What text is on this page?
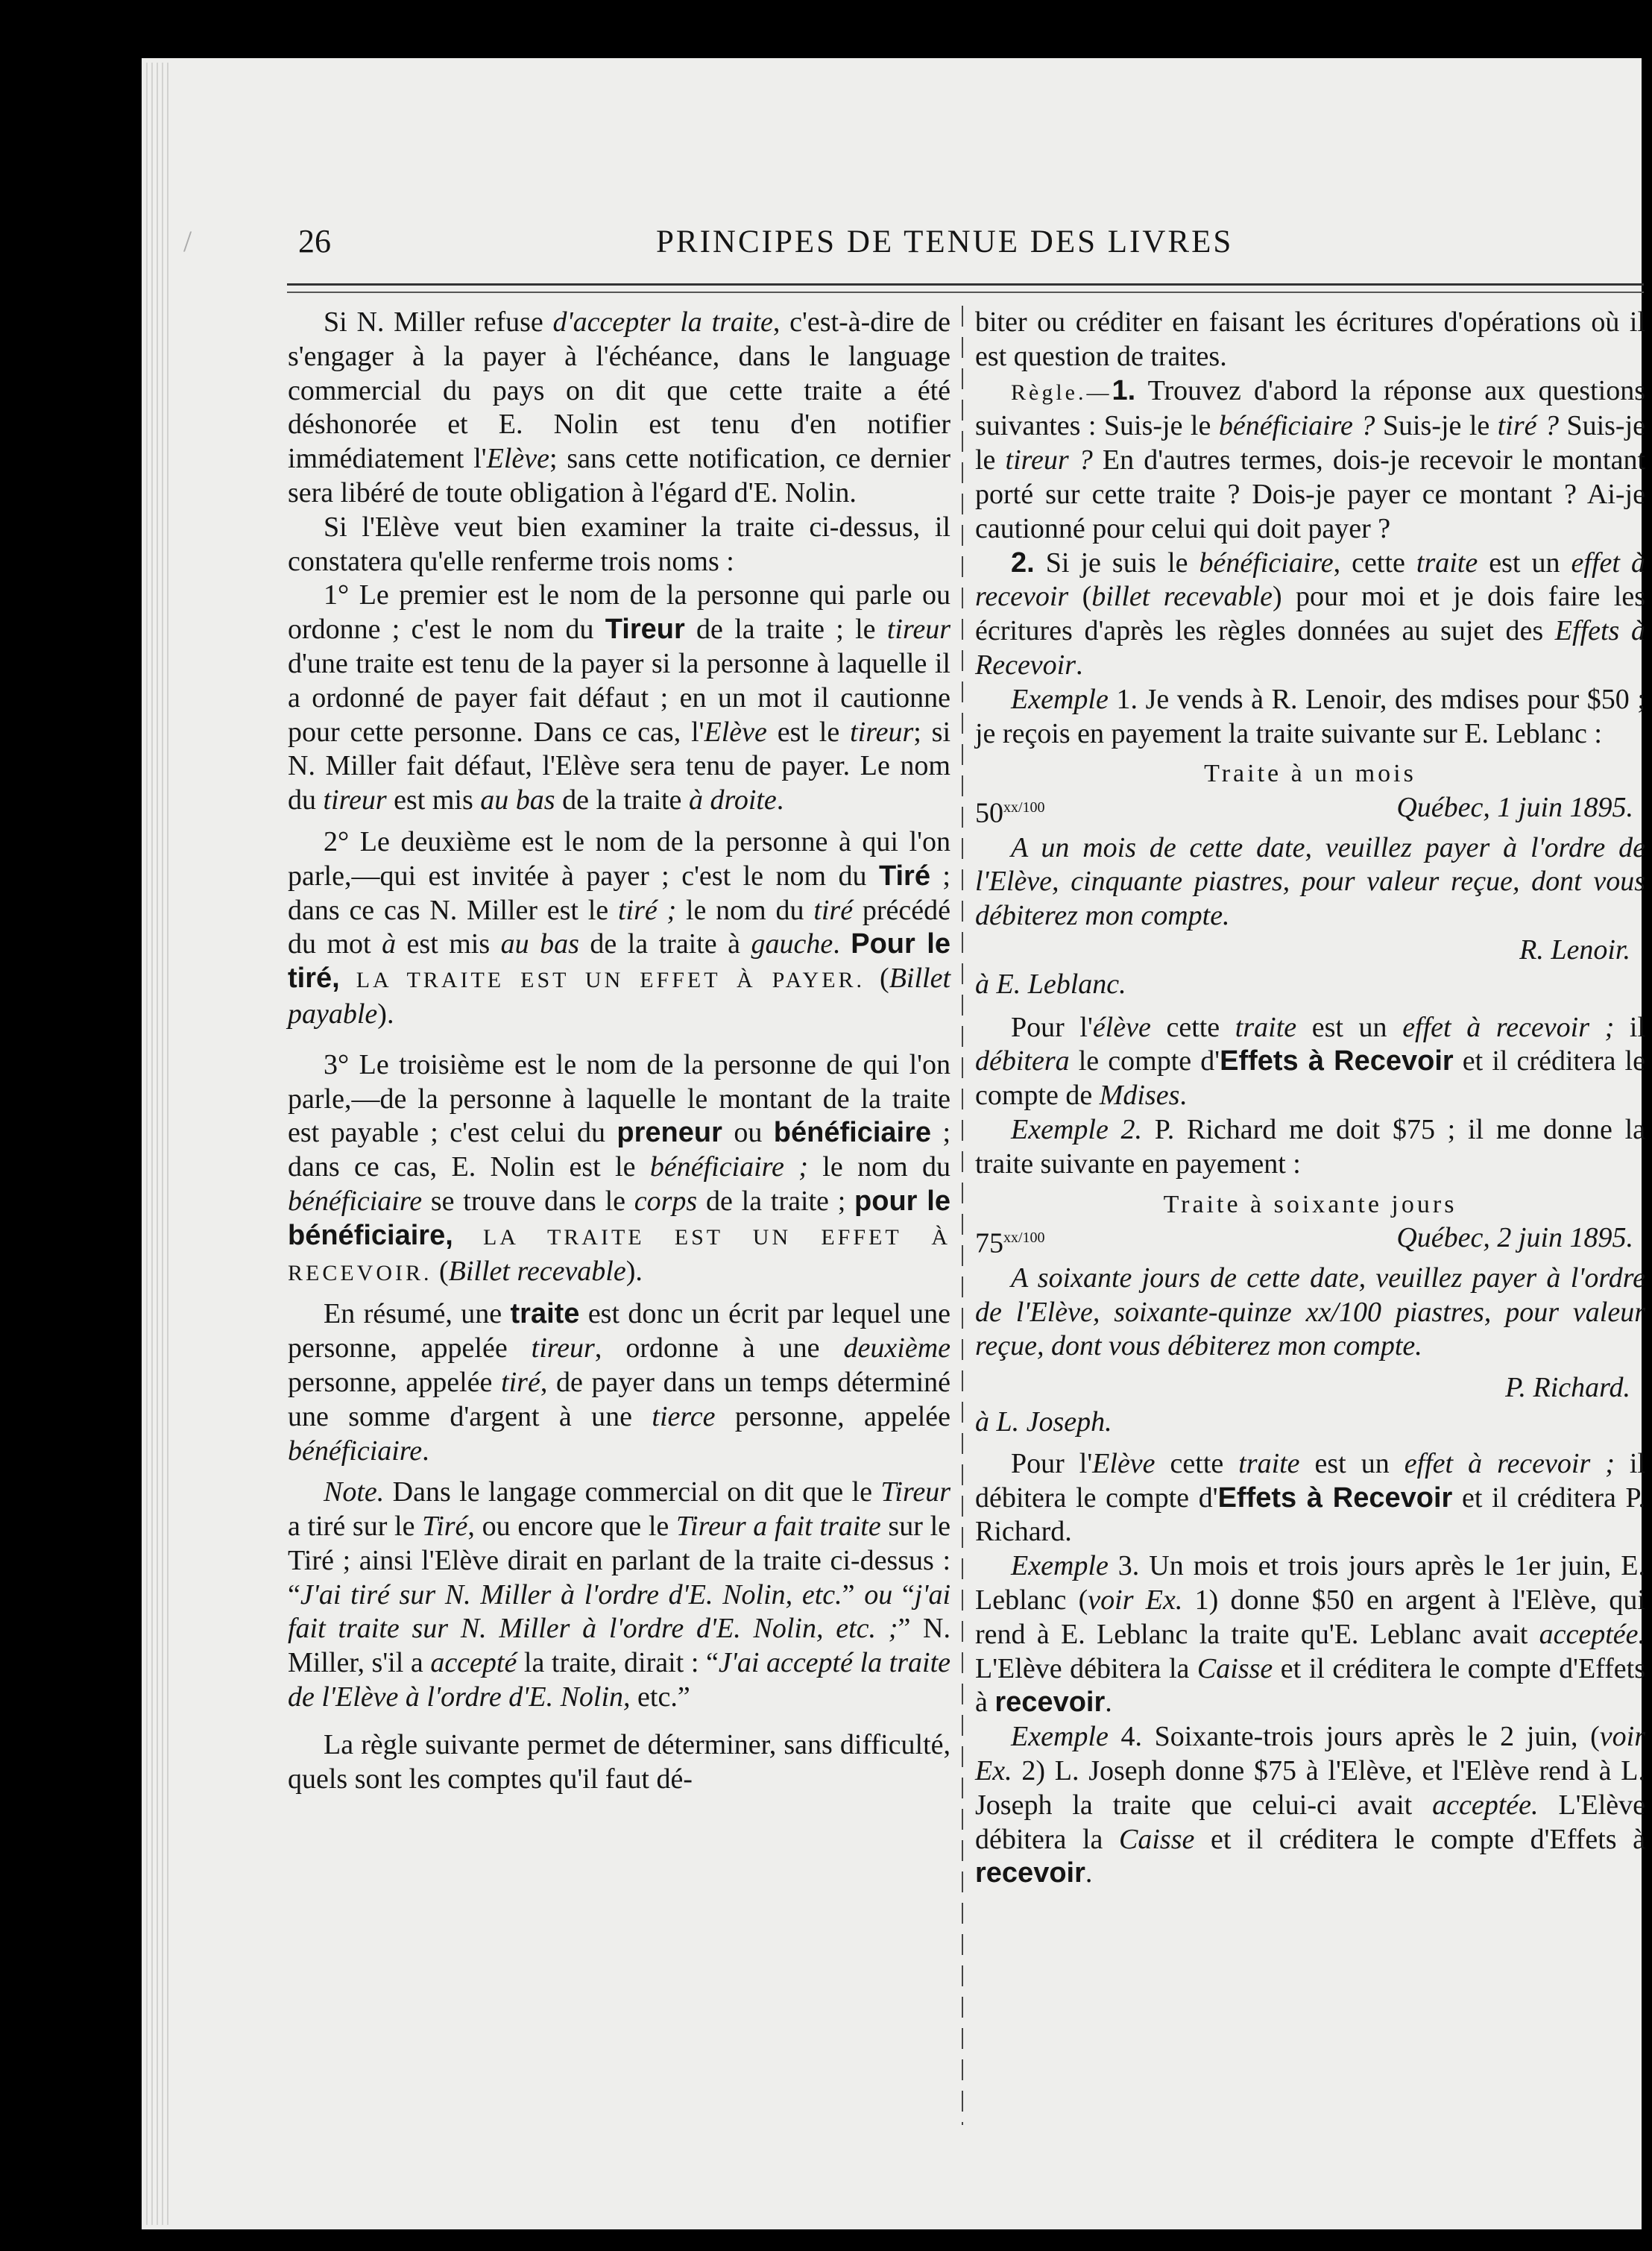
/	26	PRINCIPES DE TENUE DES LIVRES

Si N. Miller refuse d'accepter la traite, c'est-à-dire de s'engager à la payer à l'échéance, dans le language commercial du pays on dit que cette traite a été déshonorée et E. Nolin est tenu d'en notifier immédiatement l'Elève; sans cette notification, ce dernier sera libéré de toute obligation à l'égard d'E. Nolin.

Si l'Elève veut bien examiner la traite ci-dessus, il constatera qu'elle renferme trois noms :

1° Le premier est le nom de la personne qui parle ou ordonne ; c'est le nom du Tireur de la traite ; le tireur d'une traite est tenu de la payer si la personne à laquelle il a ordonné de payer fait défaut ; en un mot il cautionne pour cette personne. Dans ce cas, l'Elève est le tireur; si N. Miller fait défaut, l'Elève sera tenu de payer. Le nom du tireur est mis au bas de la traite à droite.

2° Le deuxième est le nom de la personne à qui l'on parle,—qui est invitée à payer ; c'est le nom du Tiré ; dans ce cas N. Miller est le tiré ; le nom du tiré précédé du mot à est mis au bas de la traite à gauche. Pour le tiré, LA TRAITE EST UN EFFET À PAYER. (Billet payable).

3° Le troisième est le nom de la personne de qui l'on parle,—de la personne à laquelle le montant de la traite est payable ; c'est celui du preneur ou bénéficiaire ; dans ce cas, E. Nolin est le bénéficiaire ; le nom du bénéficiaire se trouve dans le corps de la traite ; pour le bénéficiaire, LA TRAITE EST UN EFFET À RECEVOIR. (Billet recevable).

En résumé, une traite est donc un écrit par lequel une personne, appelée tireur, ordonne à une deuxième personne, appelée tiré, de payer dans un temps déterminé une somme d'argent à une tierce personne, appelée bénéficiaire.

Note. Dans le langage commercial on dit que le Tireur a tiré sur le Tiré, ou encore que le Tireur a fait traite sur le Tiré ; ainsi l'Elève dirait en parlant de la traite ci-dessus : “J'ai tiré sur N. Miller à l'ordre d'E. Nolin, etc.” ou “j'ai fait traite sur N. Miller à l'ordre d'E. Nolin, etc. ;” N. Miller, s'il a accepté la traite, dirait : “J'ai accepté la traite de l'Elève à l'ordre d'E. Nolin, etc.”

La règle suivante permet de déterminer, sans difficulté, quels sont les comptes qu'il faut dé-

biter ou créditer en faisant les écritures d'opérations où il est question de traites.

Règle.—1. Trouvez d'abord la réponse aux questions suivantes : Suis-je le bénéficiaire ? Suis-je le tiré ? Suis-je le tireur ? En d'autres termes, dois-je recevoir le montant porté sur cette traite ? Dois-je payer ce montant ? Ai-je cautionné pour celui qui doit payer ?

2. Si je suis le bénéficiaire, cette traite est un effet à recevoir (billet recevable) pour moi et je dois faire les écritures d'après les règles données au sujet des Effets à Recevoir.

Exemple 1. Je vends à R. Lenoir, des mdises pour $50 ; je reçois en payement la traite suivante sur E. Leblanc :

Traite à un mois

$50^{xx/100}$	Québec, 1 juin 1895.

A un mois de cette date, veuillez payer à l'ordre de l'Elève, cinquante piastres, pour valeur reçue, dont vous débiterez mon compte.

R. Lenoir.

à E. Leblanc.

Pour l'élève cette traite est un effet à recevoir ; il débitera le compte d'Effets à Recevoir et il créditera le compte de Mdises.

Exemple 2. P. Richard me doit $75 ; il me donne la traite suivante en payement :

Traite à soixante jours

$75^{xx/100}$	Québec, 2 juin 1895.

A soixante jours de cette date, veuillez payer à l'ordre de l'Elève, soixante-quinze xx/100 piastres, pour valeur reçue, dont vous débiterez mon compte.

P. Richard.

à L. Joseph.

Pour l'Elève cette traite est un effet à recevoir ; il débitera le compte d'Effets à Recevoir et il créditera P. Richard.

Exemple 3. Un mois et trois jours après le 1er juin, E. Leblanc (voir Ex. 1) donne $50 en argent à l'Elève, qui rend à E. Leblanc la traite qu'E. Leblanc avait acceptée. L'Elève débitera la Caisse et il créditera le compte d'Effets à recevoir.

Exemple 4. Soixante-trois jours après le 2 juin, (voir Ex. 2) L. Joseph donne $75 à l'Elève, et l'Elève rend à L. Joseph la traite que celui-ci avait acceptée. L'Elève débitera la Caisse et il créditera le compte d'Effets à recevoir.
